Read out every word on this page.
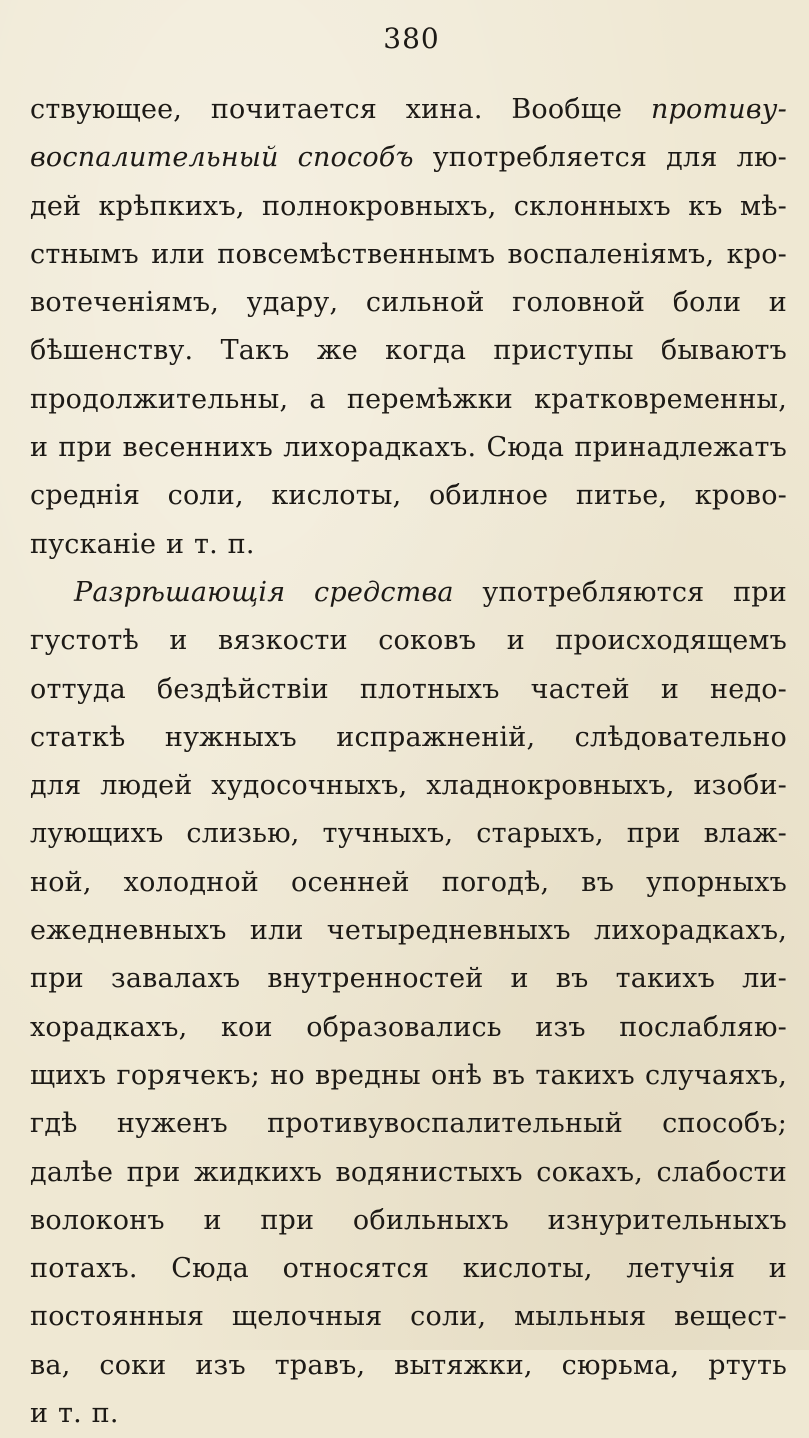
380
ствующее, почитается хина. Вообще противу-
воспалительный способъ употребляется для лю-
дей крѣпкихъ, полнокровныхъ, склонныхъ къ мѣ-
стнымъ или повсемѣственнымъ воспаленіямъ, кро-
вотеченіямъ, удару, сильной головной боли и
бѣшенству. Такъ же когда приступы бываютъ
продолжительны, а перемѣжки кратковременны,
и при весеннихъ лихорадкахъ. Сюда принадлежатъ
среднія соли, кислоты, обилное питье, крово-
пусканіе и т. п.
Разрѣшающія средства употребляются при
густотѣ и вязкости соковъ и происходящемъ
оттуда бездѣйствіи плотныхъ частей и недо-
статкѣ нужныхъ испражненій, слѣдовательно
для людей худосочныхъ, хладнокровныхъ, изоби-
лующихъ слизью, тучныхъ, старыхъ, при влаж-
ной, холодной осенней погодѣ, въ упорныхъ
ежедневныхъ или четыредневныхъ лихорадкахъ,
при завалахъ внутренностей и въ такихъ ли-
хорадкахъ, кои образовались изъ послабляю-
щихъ горячекъ; но вредны онѣ въ такихъ случаяхъ,
гдѣ нуженъ противувоспалительный способъ;
далѣе при жидкихъ водянистыхъ сокахъ, слабости
волоконъ и при обильныхъ изнурительныхъ
потахъ. Сюда относятся кислоты, летучія и
постоянныя щелочныя соли, мыльныя вещест-
ва, соки изъ травъ, вытяжки, сюрьма, ртуть
и т. п.
